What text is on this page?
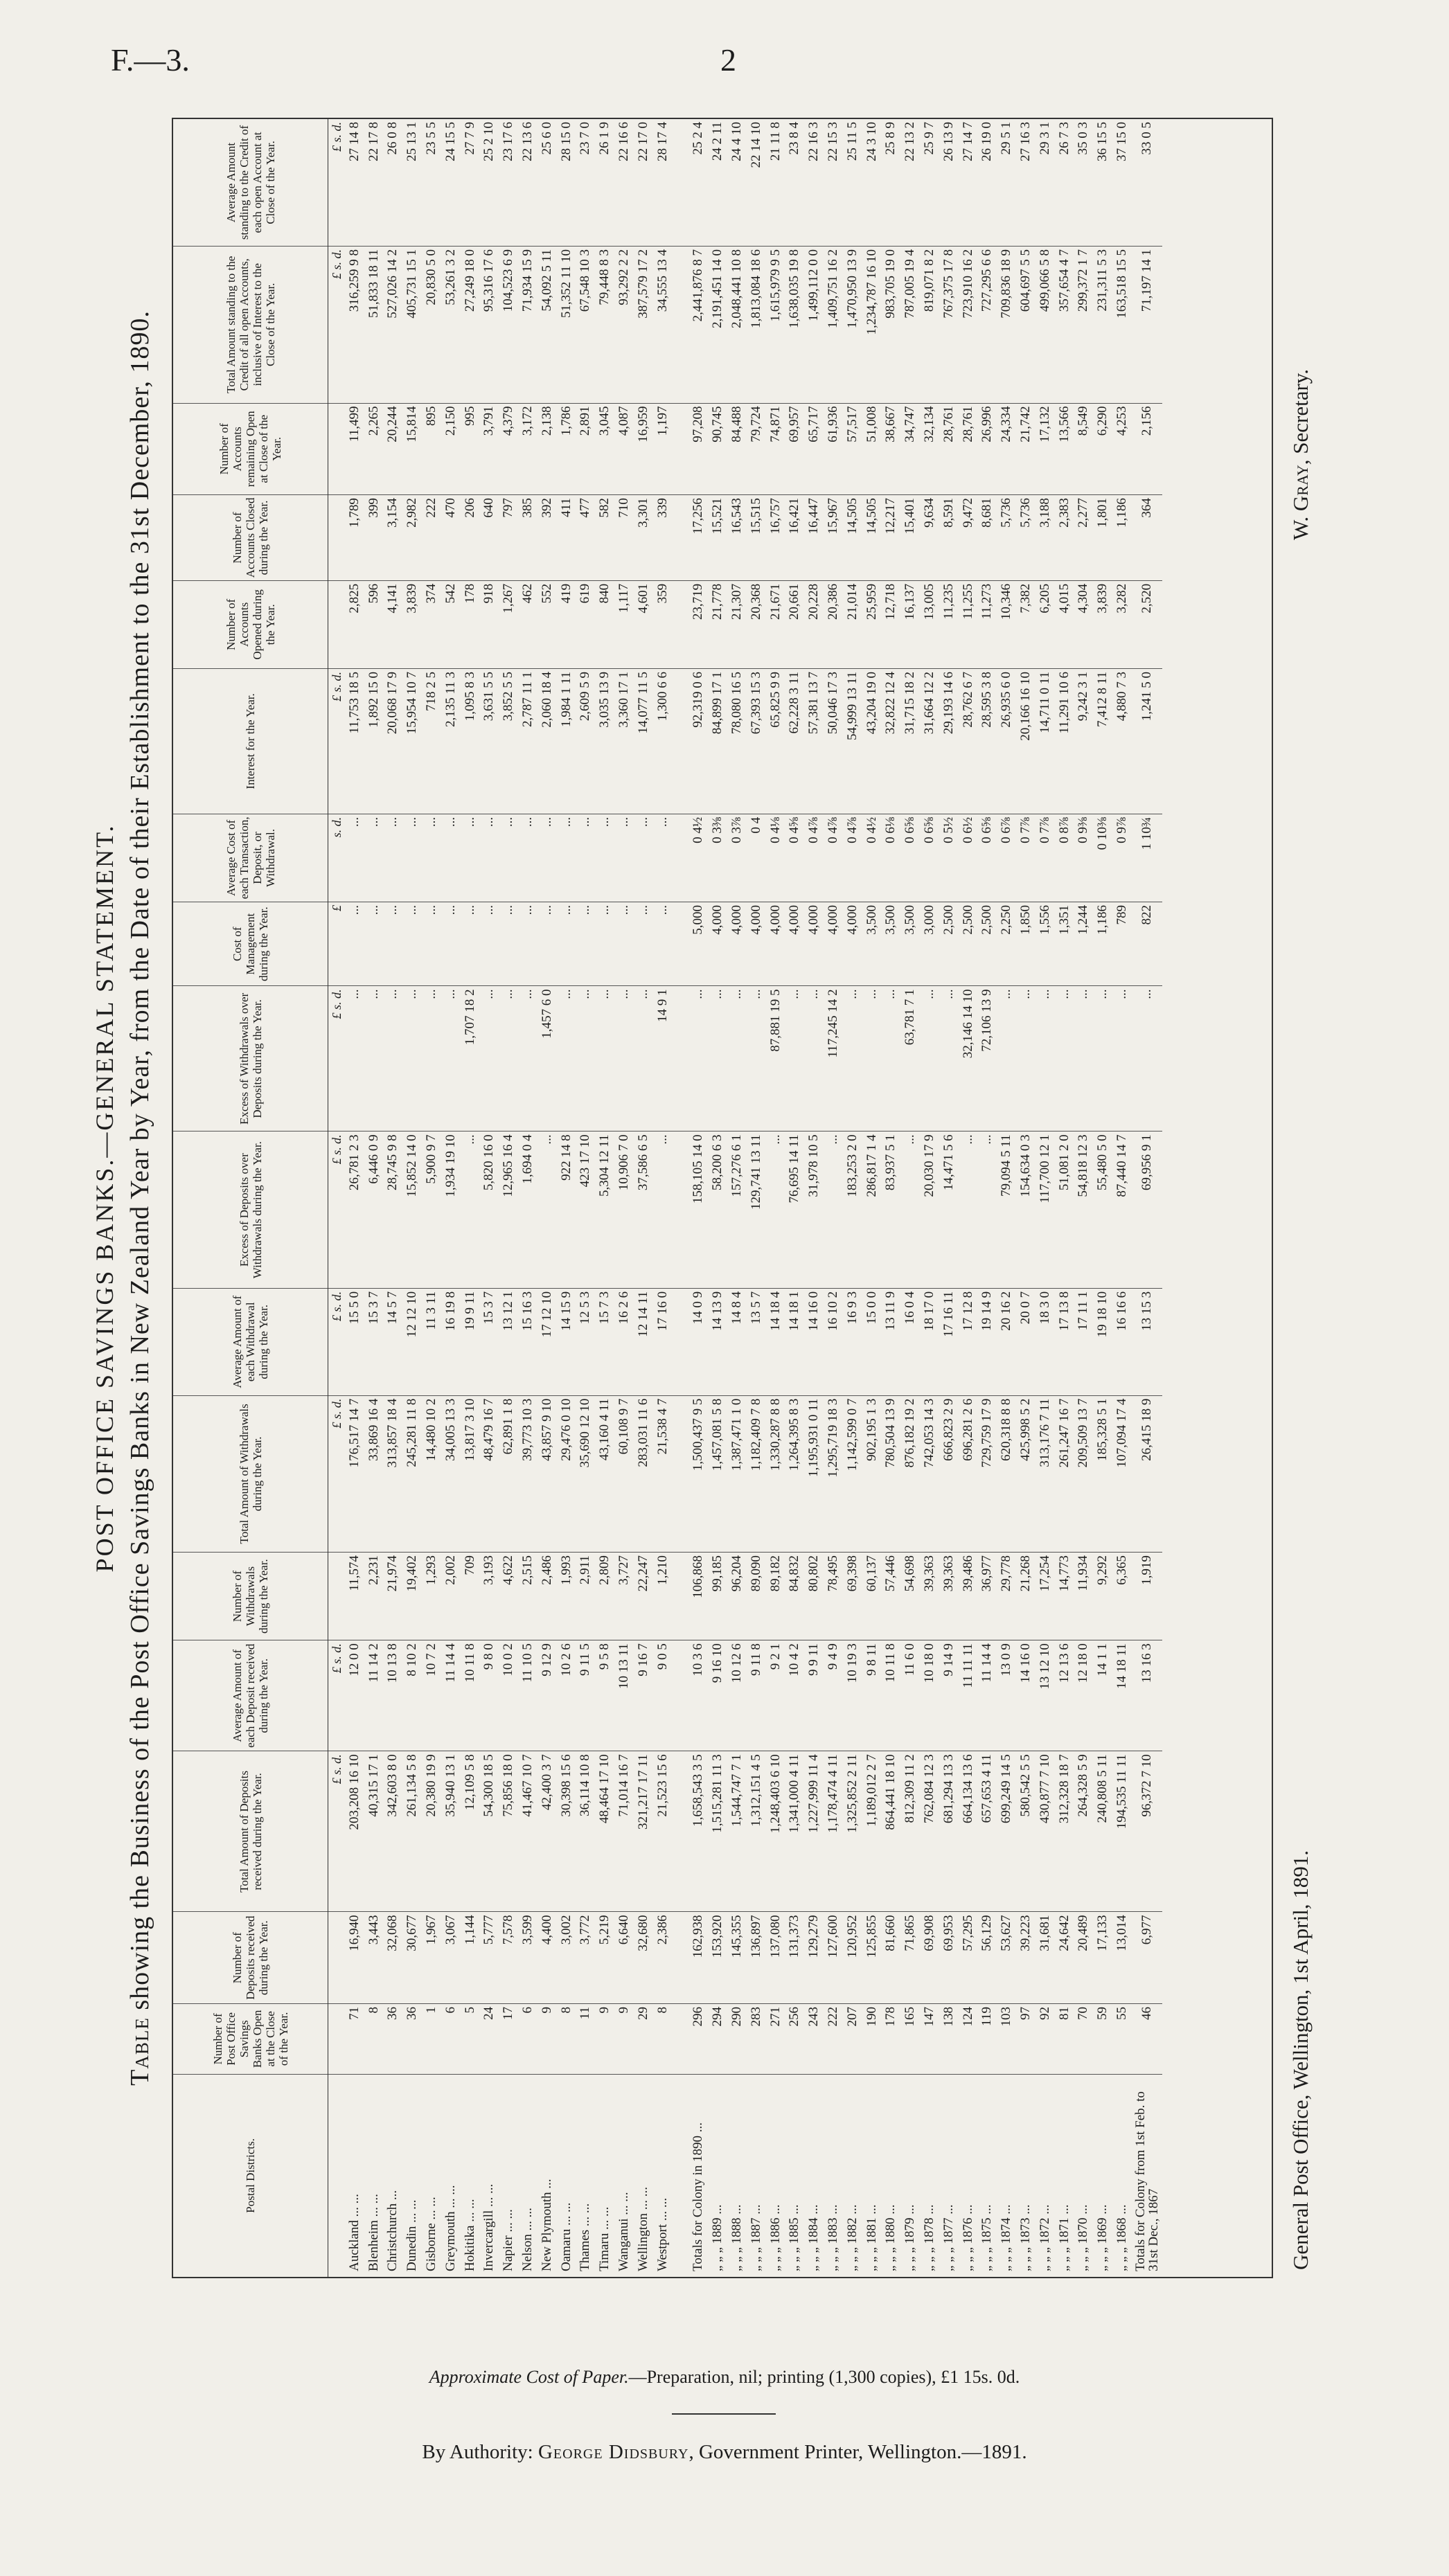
F.—3.	2
POST OFFICE SAVINGS BANKS.—GENERAL STATEMENT.
Table showing the Business of the Post Office Savings Banks in New Zealand Year by Year, from the Date of their Establishment to the 31st December, 1890.
Postal Districts.	Number of Post Office Savings Banks Open at the Close of the Year.	Number of Deposits received during the Year.	Total Amount of Deposits received during the Year.	Average Amount of each Deposit received during the Year.	Number of Withdrawals during the Year.	Total Amount of Withdrawals during the Year.	Average Amount of each Withdrawal during the Year.	Excess of Deposits over Withdrawals during the Year.	Excess of Withdrawals over Deposits during the Year.	Cost of Management during the Year.	Average Cost of each Transaction, Deposit, or Withdrawal.	Interest for the Year.	Number of Accounts Opened during the Year.	Number of Accounts Closed during the Year.	Number of Accounts remaining Open at Close of the Year.	Total Amount standing to the Credit of all open Accounts, inclusive of Interest to the Close of the Year.	Average Amount standing to the Credit of each open Account at Close of the Year.
			£ s. d.	£ s. d.		£ s. d.	£ s. d.	£ s. d.	£ s. d.	£	s. d.	£ s. d.				£ s. d.	£ s. d.
Auckland ... ...	71	16,940	203,208 16 10	12 0 0	11,574	176,517 14 7	15 5 0	26,781 2 3	...	...	...	11,753 18 5	2,825	1,789	11,499	316,259 9 8	27 14 8
Blenheim ... ...	8	3,443	40,315 17 1	11 14 2	2,231	33,869 16 4	15 3 7	6,446 0 9	...	...	...	1,892 15 0	596	399	2,265	51,833 18 11	22 17 8
Christchurch ...	36	32,068	342,603 8 0	10 13 8	21,974	313,857 18 4	14 5 7	28,745 9 8	...	...	...	20,068 17 9	4,141	3,154	20,244	527,026 14 2	26 0 8
Dunedin ... ...	36	30,677	261,134 5 8	8 10 2	19,402	245,281 11 8	12 12 10	15,852 14 0	...	...	...	15,954 10 7	3,839	2,982	15,814	405,731 15 1	25 13 1
Gisborne ... ...	1	1,967	20,380 19 9	10 7 2	1,293	14,480 10 2	11 3 11	5,900 9 7	...	...	...	718 2 5	374	222	895	20,830 5 0	23 5 5
Greymouth ... ...	6	3,067	35,940 13 1	11 14 4	2,002	34,005 13 3	16 19 8	1,934 19 10	...	...	...	2,135 11 3	542	470	2,150	53,261 3 2	24 15 5
Hokitika ... ...	5	1,144	12,109 5 8	10 11 8	709	13,817 3 10	19 9 11	...	1,707 18 2	...	...	1,095 8 3	178	206	995	27,249 18 0	27 7 9
Invercargill ... ...	24	5,777	54,300 18 5	9 8 0	3,193	48,479 16 7	15 3 7	5,820 16 0	...	...	...	3,631 5 5	918	640	3,791	95,316 17 6	25 2 10
Napier ... ...	17	7,578	75,856 18 0	10 0 2	4,622	62,891 1 8	13 12 1	12,965 16 4	...	...	...	3,852 5 5	1,267	797	4,379	104,523 6 9	23 17 6
Nelson ... ...	6	3,599	41,467 10 7	11 10 5	2,515	39,773 10 3	15 16 3	1,694 0 4	...	...	...	2,787 11 1	462	385	3,172	71,934 15 9	22 13 6
New Plymouth ...	9	4,400	42,400 3 7	9 12 9	2,486	43,857 9 10	17 12 10	...	1,457 6 0	...	...	2,060 18 4	552	392	2,138	54,092 5 11	25 6 0
Oamaru ... ...	8	3,002	30,398 15 6	10 2 6	1,993	29,476 0 10	14 15 9	922 14 8	...	...	...	1,984 1 11	419	411	1,786	51,352 11 10	28 15 0
Thames ... ...	11	3,772	36,114 10 8	9 11 5	2,911	35,690 12 10	12 5 3	423 17 10	...	...	...	2,609 5 9	619	477	2,891	67,548 10 3	23 7 0
Timaru ... ...	9	5,219	48,464 17 10	9 5 8	2,809	43,160 4 11	15 7 3	5,304 12 11	...	...	...	3,035 13 9	840	582	3,045	79,448 8 3	26 1 9
Wanganui ... ...	9	6,640	71,014 16 7	10 13 11	3,727	60,108 9 7	16 2 6	10,906 7 0	...	...	...	3,360 17 1	1,117	710	4,087	93,292 2 2	22 16 6
Wellington ... ...	29	32,680	321,217 17 11	9 16 7	22,247	283,031 11 6	12 14 11	37,586 6 5	...	...	...	14,077 11 5	4,601	3,301	16,959	387,579 17 2	22 17 0
Westport ... ...	8	2,386	21,523 15 6	9 0 5	1,210	21,538 4 7	17 16 0	...	14 9 1	...	...	1,300 6 6	359	339	1,197	34,555 13 4	28 17 4

Totals for Colony in 1890 ...	296	162,938	1,658,543 3 5	10 3 6	106,868	1,500,437 9 5	14 0 9	158,105 14 0	...	5,000	0 4½	92,319 0 6	23,719	17,256	97,208	2,441,876 8 7	25 2 4
„ „ „ 1889 ...	294	153,920	1,515,281 11 3	9 16 10	99,185	1,457,081 5 8	14 13 9	58,200 6 3	...	4,000	0 3⅜	84,899 17 1	21,778	15,521	90,745	2,191,451 14 0	24 2 11
„ „ „ 1888 ...	290	145,355	1,544,747 7 1	10 12 6	96,204	1,387,471 1 0	14 8 4	157,276 6 1	...	4,000	0 3⅞	78,080 16 5	21,307	16,543	84,488	2,048,441 10 8	24 4 10
„ „ „ 1887 ...	283	136,897	1,312,151 4 5	9 11 8	89,090	1,182,409 7 8	13 5 7	129,741 13 11	...	4,000	0 4	67,393 15 3	20,368	15,515	79,724	1,813,084 18 6	22 14 10
„ „ „ 1886 ...	271	137,080	1,248,403 6 10	9 2 1	89,182	1,330,287 8 8	14 18 4	...	87,881 19 5	4,000	0 4⅛	65,825 9 9	21,671	16,757	74,871	1,615,979 9 5	21 11 8
„ „ „ 1885 ...	256	131,373	1,341,000 4 11	10 4 2	84,832	1,264,395 8 3	14 18 1	76,695 14 11	...	4,000	0 4⅝	62,228 3 11	20,661	16,421	69,957	1,638,035 19 8	23 8 4
„ „ „ 1884 ...	243	129,279	1,227,999 11 4	9 9 11	80,802	1,195,931 0 11	14 16 0	31,978 10 5	...	4,000	0 4⅞	57,381 13 7	20,228	16,447	65,717	1,499,112 0 0	22 16 3
„ „ „ 1883 ...	222	127,600	1,178,474 4 11	9 4 9	78,495	1,295,719 18 3	16 10 2	...	117,245 14 2	4,000	0 4⅞	50,046 17 3	20,386	15,967	61,936	1,409,751 16 2	22 15 3
„ „ „ 1882 ...	207	120,952	1,325,852 2 11	10 19 3	69,398	1,142,599 0 7	16 9 3	183,253 2 0	...	4,000	0 4⅞	54,999 13 11	21,014	14,505	57,517	1,470,950 13 9	25 11 5
„ „ „ 1881 ...	190	125,855	1,189,012 2 7	9 8 11	60,137	902,195 1 3	15 0 0	286,817 1 4	...	3,500	0 4½	43,204 19 0	25,959	14,505	51,008	1,234,787 16 10	24 3 10
„ „ „ 1880 ...	178	81,660	864,441 18 10	10 11 8	57,446	780,504 13 9	13 11 9	83,937 5 1	...	3,500	0 6⅛	32,822 12 4	12,718	12,217	38,667	983,705 19 0	25 8 9
„ „ „ 1879 ...	165	71,865	812,309 11 2	11 6 0	54,698	876,182 19 2	16 0 4	...	63,781 7 1	3,500	0 6⅝	31,715 18 2	16,137	15,401	34,747	787,005 19 4	22 13 2
„ „ „ 1878 ...	147	69,908	762,084 12 3	10 18 0	39,363	742,053 14 3	18 17 0	20,030 17 9	...	3,000	0 6⅝	31,664 12 2	13,005	9,634	32,134	819,071 8 2	25 9 7
„ „ „ 1877 ...	138	69,953	681,294 13 3	9 14 9	39,363	666,823 2 9	17 16 11	14,471 5 6	...	2,500	0 5½	29,193 14 6	11,235	8,591	28,761	767,375 17 8	26 13 9
„ „ „ 1876 ...	124	57,295	664,134 13 6	11 11 11	39,486	696,281 2 6	17 12 8	...	32,146 14 10	2,500	0 6½	28,762 6 7	11,255	9,472	28,761	723,910 16 2	27 14 7
„ „ „ 1875 ...	119	56,129	657,653 4 11	11 14 4	36,977	729,759 17 9	19 14 9	...	72,106 13 9	2,500	0 6⅝	28,595 3 8	11,273	8,681	26,996	727,295 6 6	26 19 0
„ „ „ 1874 ...	103	53,627	699,249 14 5	13 0 9	29,778	620,318 8 8	20 16 2	79,094 5 11	...	2,250	0 6⅞	26,935 6 0	10,346	5,736	24,334	709,836 18 9	29 5 1
„ „ „ 1873 ...	97	39,223	580,542 5 5	14 16 0	21,268	425,998 5 2	20 0 7	154,634 0 3	...	1,850	0 7⅞	20,166 16 10	7,382	5,736	21,742	604,697 5 5	27 16 3
„ „ „ 1872 ...	92	31,681	430,877 7 10	13 12 10	17,254	313,176 7 11	18 3 0	117,700 12 1	...	1,556	0 7⅞	14,711 0 11	6,205	3,188	17,132	499,066 5 8	29 3 1
„ „ „ 1871 ...	81	24,642	312,328 18 7	12 13 6	14,773	261,247 16 7	17 13 8	51,081 2 0	...	1,351	0 8⅞	11,291 10 6	4,015	2,383	13,566	357,654 4 7	26 7 3
„ „ „ 1870 ...	70	20,489	264,328 5 9	12 18 0	11,934	209,509 13 7	17 11 1	54,818 12 3	...	1,244	0 9⅜	9,242 3 1	4,304	2,277	8,549	299,372 1 7	35 0 3
„ „ „ 1869 ...	59	17,133	240,808 5 11	14 1 1	9,292	185,328 5 1	19 18 10	55,480 5 0	...	1,186	0 10⅜	7,412 8 11	3,839	1,801	6,290	231,311 5 3	36 15 5
„ „ „ 1868 ...	55	13,014	194,535 11 11	14 18 11	6,365	107,094 17 4	16 16 6	87,440 14 7	...	789	0 9⅞	4,880 7 3	3,282	1,186	4,253	163,518 15 5	37 15 0
Totals for Colony from 1st Feb. to 31st Dec., 1867	46	6,977	96,372 7 10	13 16 3	1,919	26,415 18 9	13 15 3	69,956 9 1	...	822	1 10¾	1,241 5 0	2,520	364	2,156	71,197 14 1	33 0 5
General Post Office, Wellington, 1st April, 1891.
W. Gray, Secretary.
Approximate Cost of Paper.—Preparation, nil; printing (1,300 copies), £1 15s. 0d.
By Authority: George Didsbury, Government Printer, Wellington.—1891.
